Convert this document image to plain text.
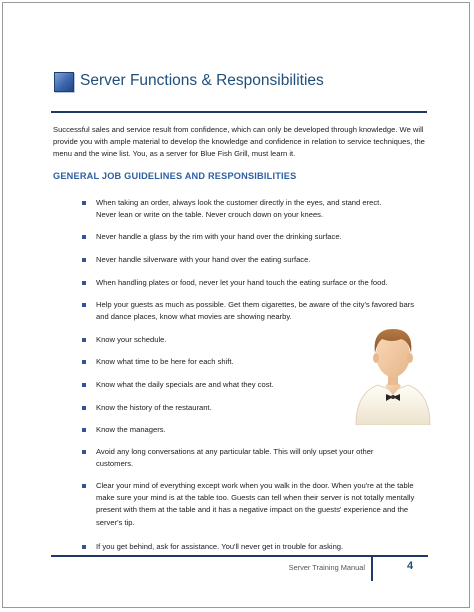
Server Functions & Responsibilities
Successful sales and service result from confidence, which can only be developed through knowledge. We will provide you with ample material to develop the knowledge and confidence in relation to service techniques, the menu and the wine list. You, as a server for Blue Fish Grill, must learn it.
GENERAL JOB GUIDELINES AND RESPONSIBILITIES
When taking an order, always look the customer directly in the eyes, and stand erect. Never lean or write on the table. Never crouch down on your knees.
Never handle a glass by the rim with your hand over the drinking surface.
Never handle silverware with your hand over the eating surface.
When handling plates or food, never let your hand touch the eating surface or the food.
Help your guests as much as possible. Get them cigarettes, be aware of the city's favored bars and dance places, know what movies are showing nearby.
Know your schedule.
Know what time to be here for each shift.
Know what the daily specials are and what they cost.
Know the history of the restaurant.
Know the managers.
Avoid any long conversations at any particular table. This will only upset your other customers.
Clear your mind of everything except work when you walk in the door. When you're at the table make sure your mind is at the table too. Guests can tell when their server is not totally mentally present with them at the table and it has a negative impact on the guests' experience and the server's tip.
If you get behind, ask for assistance. You'll never get in trouble for asking.
Server Training Manual	4
